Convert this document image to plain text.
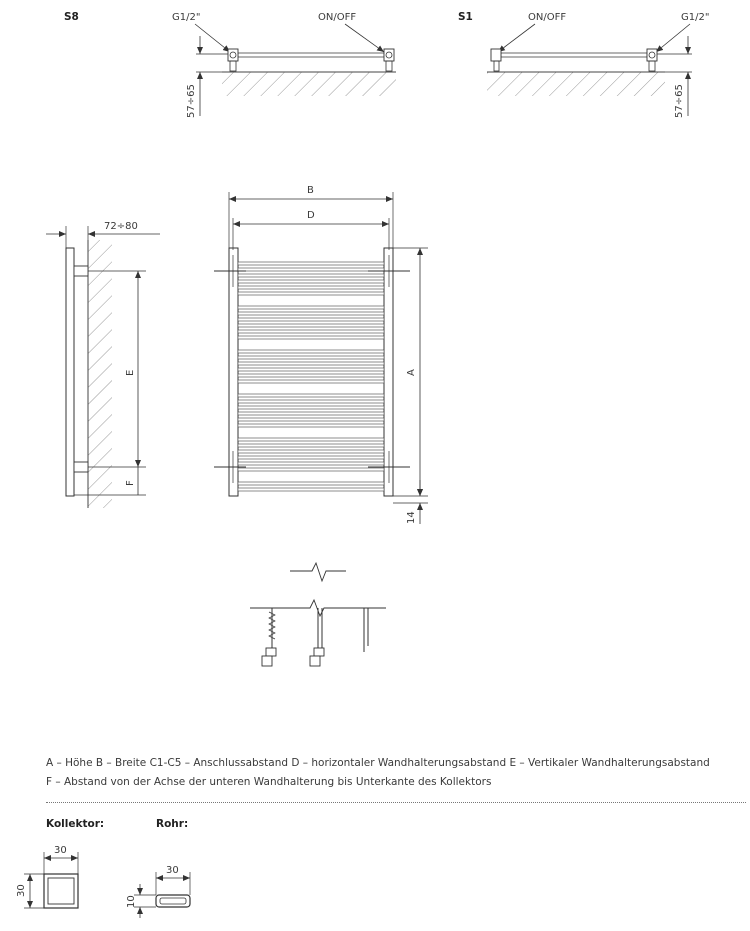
S8	G1/2"	ON/OFF
57÷65
S1	ON/OFF	G1/2"
57÷65
72÷80
E
F
B
D
A
14
30
30
30
10
A – Höhe B – Breite C1-C5 – Anschlussabstand D – horizontaler Wandhalterungsabstand E – Vertikaler Wandhalterungsabstand
F – Abstand von der Achse der unteren Wandhalterung bis Unterkante des Kollektors
Kollektor:	Rohr:
